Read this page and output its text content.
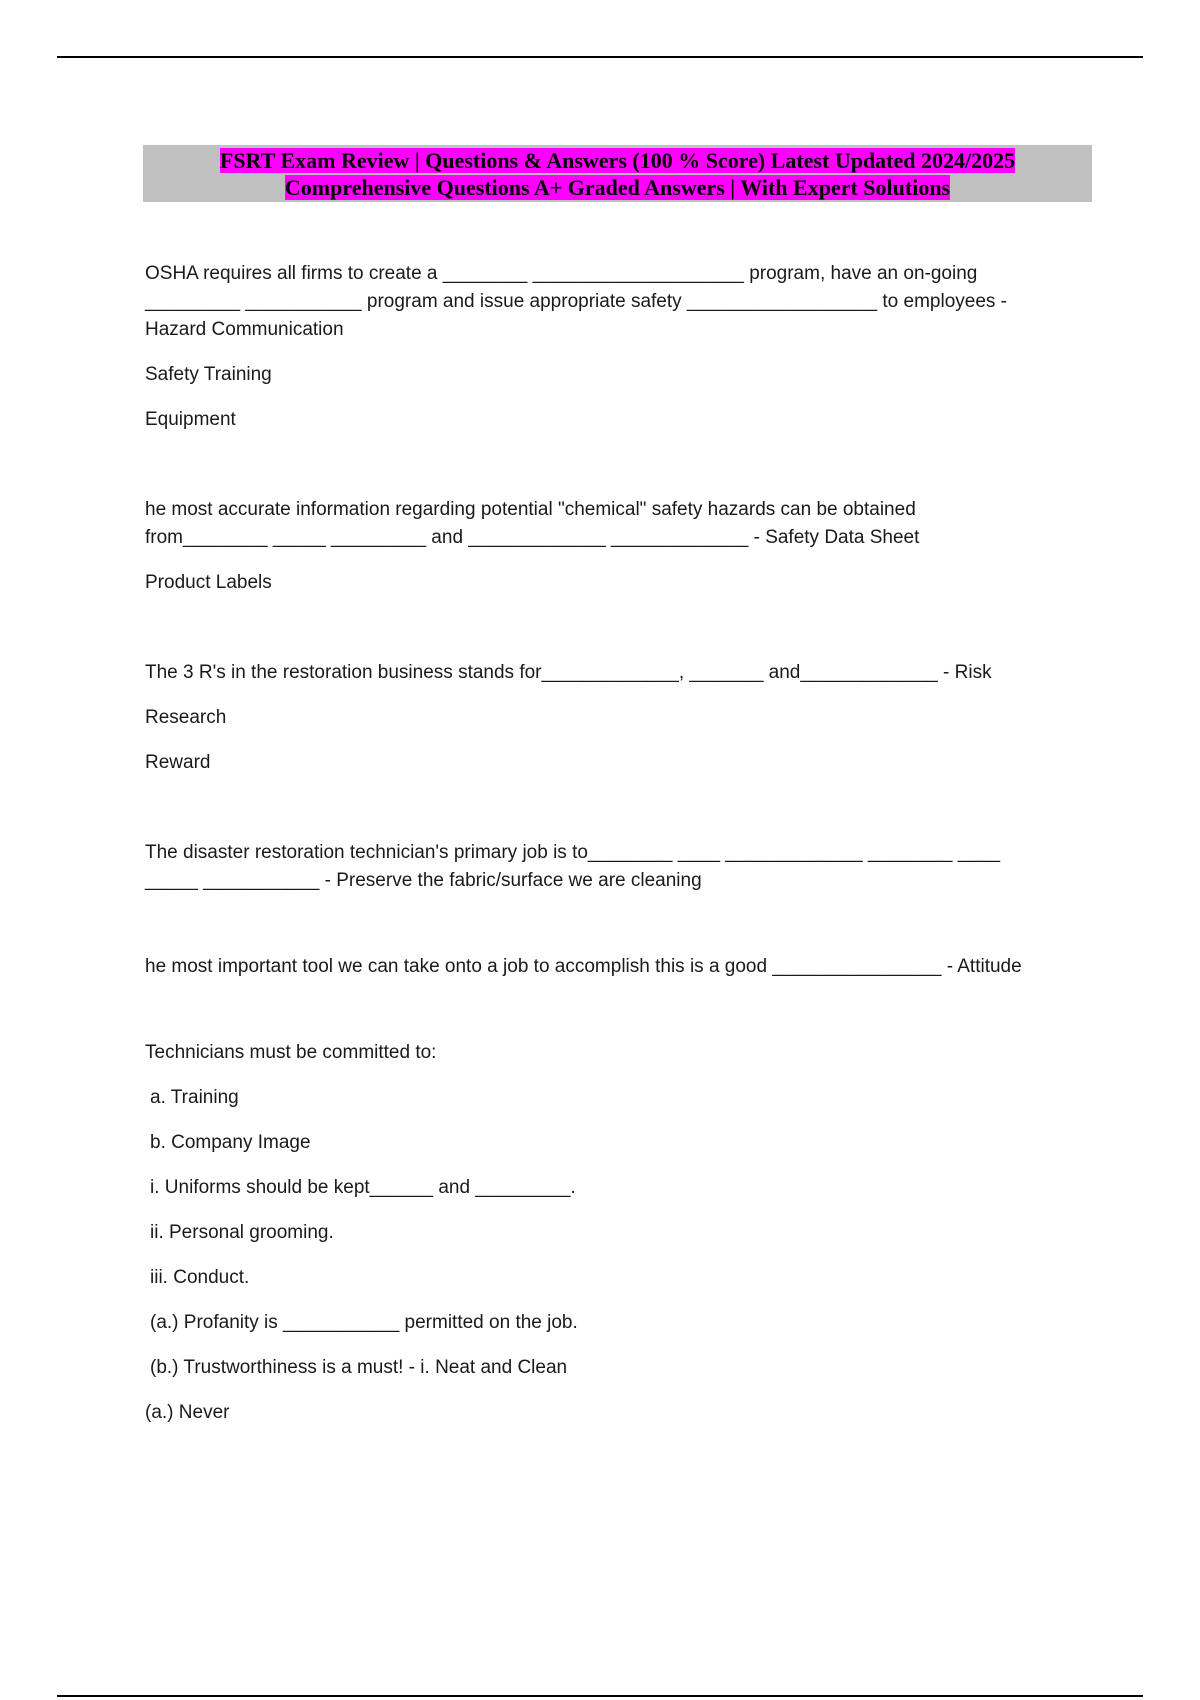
FSRT Exam Review | Questions & Answers (100 % Score) Latest Updated 2024/2025
Comprehensive Questions A+ Graded Answers | With Expert Solutions

OSHA requires all firms to create a ________ ____________________ program, have an on-going

_________ ___________ program and issue appropriate safety __________________ to employees -

Hazard Communication

Safety Training

Equipment

he most accurate information regarding potential "chemical" safety hazards can be obtained

from________ _____ _________ and _____________ _____________ - Safety Data Sheet

Product Labels

The 3 R's in the restoration business stands for_____________, _______ and_____________ - Risk

Research

Reward

The disaster restoration technician's primary job is to________ ____ _____________ ________ ____

_____ ___________ - Preserve the fabric/surface we are cleaning

he most important tool we can take onto a job to accomplish this is a good ________________ - Attitude

Technicians must be committed to:

a. Training

b. Company Image

i. Uniforms should be kept______ and _________.

ii. Personal grooming.

iii. Conduct.

(a.) Profanity is ___________ permitted on the job.

(b.) Trustworthiness is a must! - i. Neat and Clean

(a.) Never
